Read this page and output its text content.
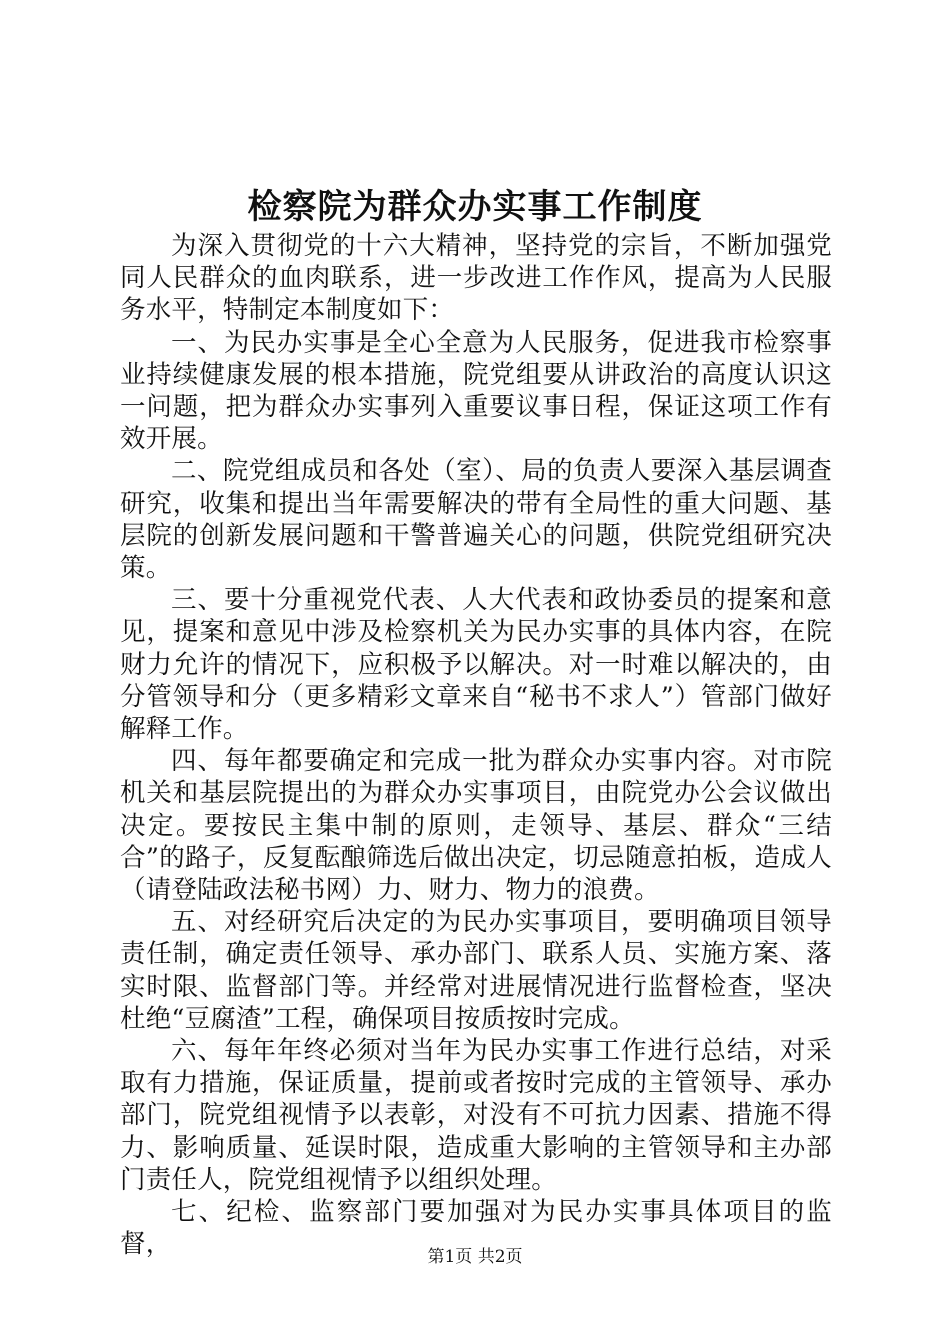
检察院为群众办实事工作制度

为深入贯彻党的十六大精神，坚持党的宗旨，不断加强党同人民群众的血肉联系，进一步改进工作作风，提高为人民服务水平，特制定本制度如下：

一、为民办实事是全心全意为人民服务，促进我市检察事业持续健康发展的根本措施，院党组要从讲政治的高度认识这一问题，把为群众办实事列入重要议事日程，保证这项工作有效开展。

二、院党组成员和各处（室）、局的负责人要深入基层调查研究，收集和提出当年需要解决的带有全局性的重大问题、基层院的创新发展问题和干警普遍关心的问题，供院党组研究决策。

三、要十分重视党代表、人大代表和政协委员的提案和意见，提案和意见中涉及检察机关为民办实事的具体内容，在院财力允许的情况下，应积极予以解决。对一时难以解决的，由分管领导和分（更多精彩文章来自“秘书不求人”）管部门做好解释工作。

四、每年都要确定和完成一批为群众办实事内容。对市院机关和基层院提出的为群众办实事项目，由院党办公会议做出决定。要按民主集中制的原则，走领导、基层、群众“三结合”的路子，反复酝酿筛选后做出决定，切忌随意拍板，造成人（请登陆政法秘书网）力、财力、物力的浪费。

五、对经研究后决定的为民办实事项目，要明确项目领导责任制，确定责任领导、承办部门、联系人员、实施方案、落实时限、监督部门等。并经常对进展情况进行监督检查，坚决杜绝“豆腐渣”工程，确保项目按质按时完成。

六、每年年终必须对当年为民办实事工作进行总结，对采取有力措施，保证质量，提前或者按时完成的主管领导、承办部门，院党组视情予以表彰，对没有不可抗力因素、措施不得力、影响质量、延误时限，造成重大影响的主管领导和主办部门责任人，院党组视情予以组织处理。

七、纪检、监察部门要加强对为民办实事具体项目的监督，	第1页 共2页
